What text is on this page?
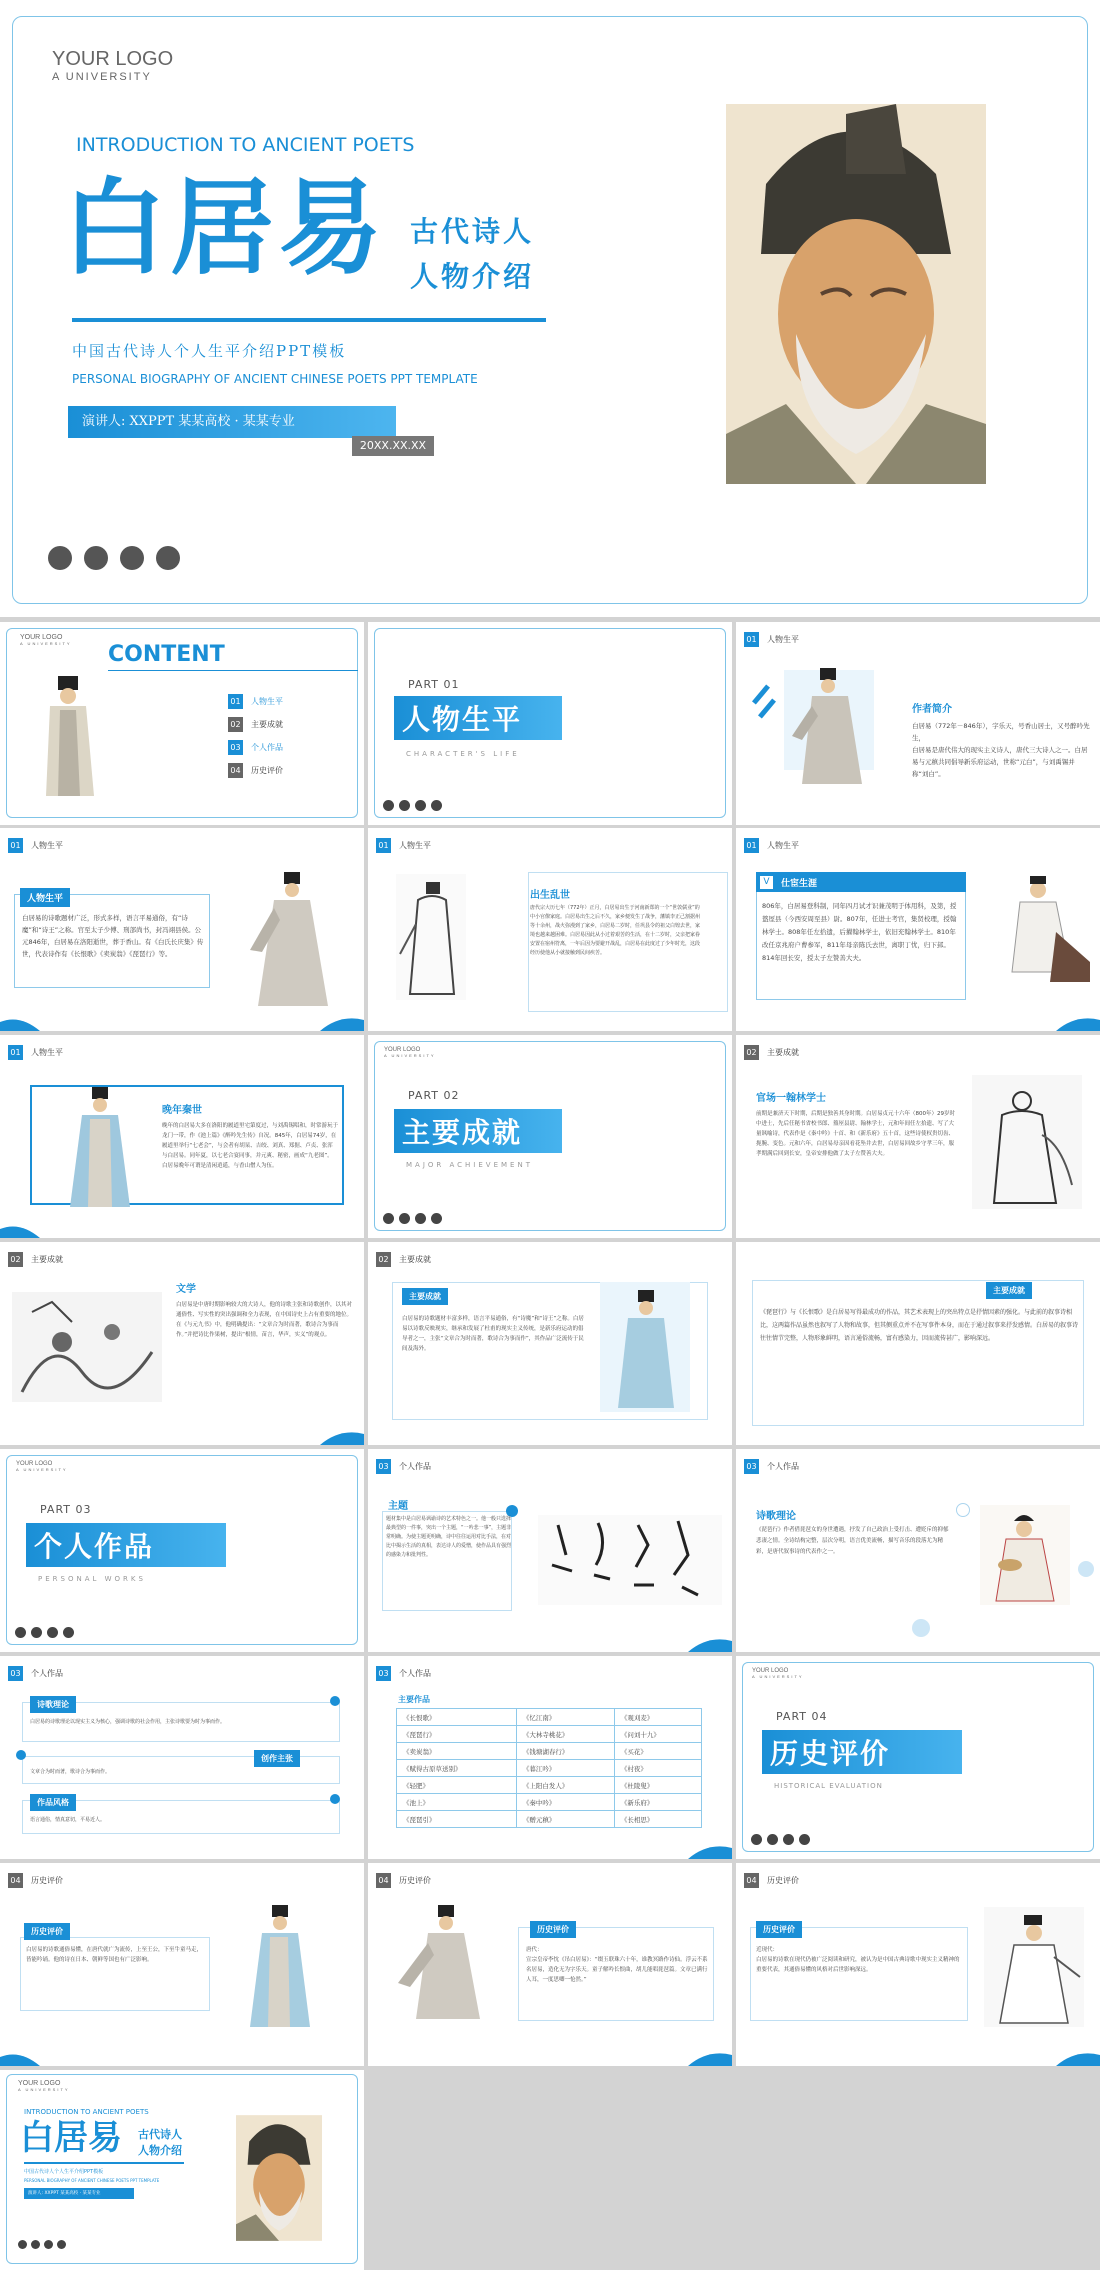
YOUR LOGO
A UNIVERSITY
INTRODUCTION TO ANCIENT POETS
白居易 古代诗人
人物介绍
中国古代诗人个人生平介绍PPT模板
PERSONAL BIOGRAPHY OF ANCIENT CHINESE POETS PPT TEMPLATE
演讲人: XXPPT 某某高校 · 某某专业
20XX.XX.XX
YOUR LOGO
A UNIVERSITY CONTENT
01	人物生平
02	主要成就
03	个人作品
04	历史评价
PART 01
人物生平
CHARACTER'S LIFE
01	人物生平
作者简介
白居易（772年－846年），字乐天，号香山居士，又号醉吟先生，
白居易是唐代伟大的现实主义诗人，唐代三大诗人之一。白居易与元稹共同倡导新乐府运动，世称“元白”，与刘禹锡并称“刘白”。
01	人物生平
人物生平
白居易的诗歌题材广泛，形式多样，语言平易通俗，有“诗魔”和“诗王”之称。官至太子少傅、刑部尚书，封冯翊县侯。公元846年，白居易在洛阳逝世，葬于香山。有《白氏长庆集》传世，代表诗作有《长恨歌》《卖炭翁》《琵琶行》等。
01	人物生平
出生乱世
唐代宗大历七年（772年）正月，白居易出生于河南新郑的一个“世敦儒业”的中小官僚家庭。白居易出生之后不久，家乡便发生了战争，藩镇李正己割据州等十余州，战火弥漫到了家乡，白居易二岁时，任巩县令的祖父白锽去世，家境也越来越困难。白居易因此从小过着艰苦的生活，在十二岁时，父亲把家眷安置在宿州符离，一年后因为要避开战乱，白居易在此度过了少年时光，这段经历使他从小就接触到民间疾苦。
01	人物生平
V	仕宦生涯
806年，白居易登科制，同年四月试才识兼茂明于体用科，及第，授盩厔县（今西安周至县）尉。807年，任进士考官，集贤校理，授翰林学士。808年任左拾遗，后擢翰林学士，依旧充翰林学士。810年改任京兆府户曹参军，811年母亲陈氏去世，离职丁忧，归下邽。814年回长安，授太子左赞善大夫。
01	人物生平
晚年秦世
晚年的白居易大多在洛阳的履道里宅第度过，与刘禹锡唱和，时常游玩于龙门一带，作《池上篇》《醉吟先生传》自况。845年，白居易74岁，在履道里举行“七老会”，与会者有胡杲、吉皎、刘真、郑据、卢贞、张浑与白居易。同年夏，以七老合宴同事，并元爽、秘密，画成“九老图”。白居易晚年可谓是清闲逍遥，与香山僧人为伍。
YOUR LOGO
A UNIVERSITY
PART 02
主要成就
MAJOR ACHIEVEMENT
02	主要成就
官场一翰林学士
前期是兼济天下时期，后期是独善其身时期。白居易贞元十六年（800年）29岁时中进士，先后任秘书省校书郎、盩厔县尉、翰林学士，元和年间任左拾遗、写了大量讽喻诗，代表作是《秦中吟》十首、和《新乐府》五十首，这些诗使权贵切齿、扼腕、变色。元和六年，白居易母亲因看花坠井去世，白居易回故乡守孝三年，服孝期满后回到长安，皇帝安排他做了太子左赞善大夫。
02	主要成就
文学
白居易是中唐时期影响较大的大诗人，他的诗歌主张和诗歌创作，以其对通俗性、写实性的突出强调和全力表现，在中国诗史上占有重要的地位。在《与元九书》中，他明确提出：“文章合为时而著，歌诗合为事而作。”并把诗比作果树，提出“根情，苗言，华声，实义”的观点。
02	主要成就
主要成就
白居易的诗歌题材丰富多样，语言平易通俗，有“诗魔”和“诗王”之称。白居易以诗歌反映现实，继承和发展了杜甫的现实主义传统，是新乐府运动的倡导者之一，主张“文章合为时而著，歌诗合为事而作”，其作品广泛流传于民间及海外。
主要成就
《琵琶行》与《长恨歌》是白居易写得最成功的作品，其艺术表现上的突出特点是抒情因素的强化。与此前的叙事诗相比，这两篇作品虽然也叙写了人物和故事，但其侧重点并不在写事件本身，而在于通过叙事来抒发感情。白居易的叙事诗往往情节完整，人物形象鲜明，语言通俗流畅，富有感染力，因而流传甚广，影响深远。
YOUR LOGO
A UNIVERSITY
PART 03
个人作品
PERSONAL WORKS
03	个人作品
主题
题材集中是白居易讽谕诗的艺术特色之一。他一般只选择最典型的一件事，突出一个主题，“一吟悲一事”，主题非常明确。为使主题更明确，诗中往往运用对比手法，在对比中揭示生活的真相，表达诗人的爱憎，使作品具有强烈的感染力和批判性。
03	个人作品
诗歌理论
《琵琶行》作者借琵琶女的身世遭遇，抒发了自己政治上受打击、遭贬斥的抑郁悲凄之情。全诗结构完整，层次分明，语言优美流畅，描写音乐的段落尤为精彩，是唐代叙事诗的代表作之一。
03	个人作品
诗歌理论
白居易的诗歌理论以现实主义为核心，强调诗歌的社会作用，主张诗歌要为时为事而作。
创作主张
文章合为时而著，歌诗合为事而作。
作品风格
语言通俗，情真意切，平易近人。
03	个人作品
主要作品
《长恨歌》	《忆江南》	《观刈麦》
《琵琶行》	《大林寺桃花》	《问刘十九》
《卖炭翁》	《钱塘湖春行》	《买花》
《赋得古原草送别》	《暮江吟》	《村夜》
《轻肥》	《上阳白发人》	《杜陵叟》
《池上》	《秦中吟》	《新乐府》
《琵琶引》	《赠元稹》	《长相思》
YOUR LOGO
A UNIVERSITY
PART 04
历史评价
HISTORICAL EVALUATION
04	历史评价
历史评价
白居易的诗歌通俗易懂，在唐代就广为流传，上至王公，下至牛童马走，皆能吟诵。他的诗在日本、朝鲜等国也有广泛影响。
04	历史评价
历史评价
唐代：
宣宗皇帝李忱《吊白居易》：“缀玉联珠六十年，谁教冥路作诗仙。浮云不系名居易，造化无为字乐天。童子解吟长恨曲，胡儿能唱琵琶篇。文章已满行人耳，一度思卿一怆然。”
04	历史评价
历史评价
近现代：
白居易的诗歌在现代仍被广泛阅读和研究，被认为是中国古典诗歌中现实主义精神的重要代表，其通俗易懂的风格对后世影响深远。
YOUR LOGO
A UNIVERSITY
INTRODUCTION TO ANCIENT POETS
白居易 古代诗人
人物介绍
中国古代诗人个人生平介绍PPT模板
PERSONAL BIOGRAPHY OF ANCIENT CHINESE POETS PPT TEMPLATE
演讲人: XXPPT 某某高校 · 某某专业
